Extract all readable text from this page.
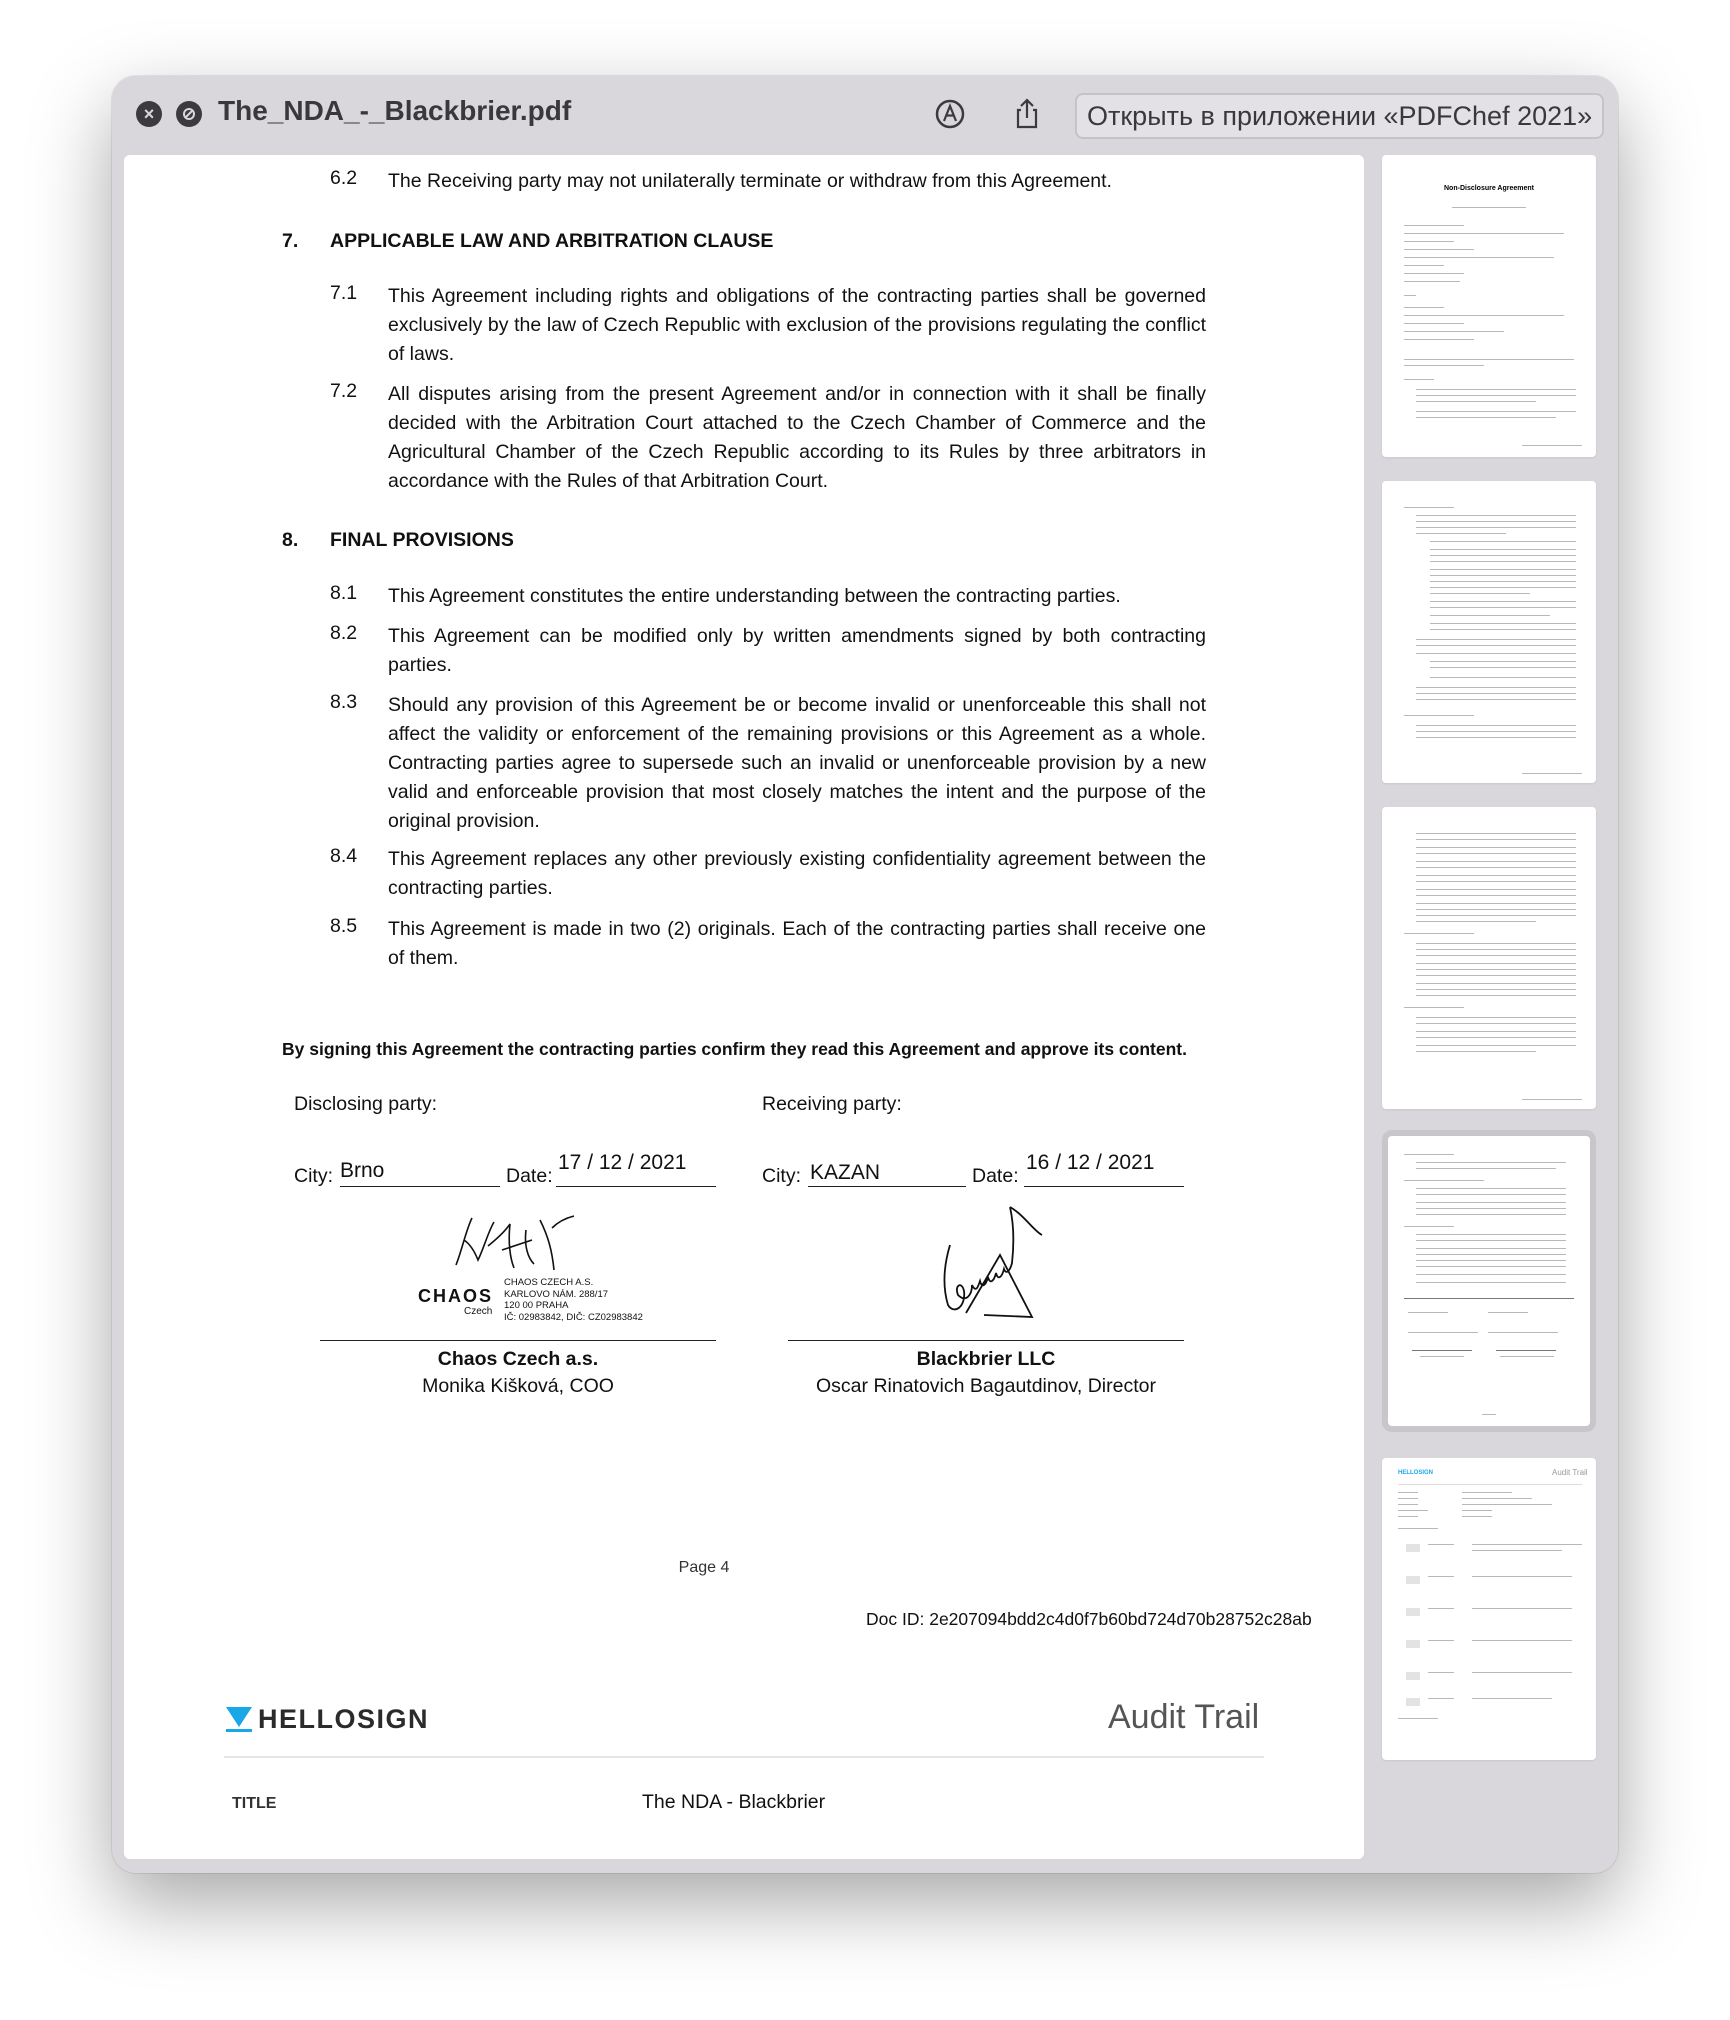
× The_NDA_-_Blackbrier.pdf	Открыть в приложении «PDFChef 2021»
6.2 The Receiving party may not unilaterally terminate or withdraw from this Agreement.
7. APPLICABLE LAW AND ARBITRATION CLAUSE
7.1 This Agreement including rights and obligations of the contracting parties shall be governed exclusively by the law of Czech Republic with exclusion of the provisions regulating the conflict of laws.
7.2 All disputes arising from the present Agreement and/or in connection with it shall be finally decided with the Arbitration Court attached to the Czech Chamber of Commerce and the Agricultural Chamber of the Czech Republic according to its Rules by three arbitrators in accordance with the Rules of that Arbitration Court.
8. FINAL PROVISIONS
8.1 This Agreement constitutes the entire understanding between the contracting parties.
8.2 This Agreement can be modified only by written amendments signed by both contracting parties.
8.3 Should any provision of this Agreement be or become invalid or unenforceable this shall not affect the validity or enforcement of the remaining provisions or this Agreement as a whole. Contracting parties agree to supersede such an invalid or unenforceable provision by a new valid and enforceable provision that most closely matches the intent and the purpose of the original provision.
8.4 This Agreement replaces any other previously existing confidentiality agreement between the contracting parties.
8.5 This Agreement is made in two (2) originals. Each of the contracting parties shall receive one of them.
By signing this Agreement the contracting parties confirm they read this Agreement and approve its content.
Disclosing party:
City: Brno	Date:
17 / 12 / 2021
CHAOS
Czech
CHAOS CZECH A.S.
KARLOVO NÁM. 288/17
120 00 PRAHA
IČ: 02983842, DIČ: CZ02983842
Chaos Czech a.s.
Monika Kišková, COO
Receiving party:
City: KAZAN	Date:
16 / 12 / 2021
Blackbrier LLC
Oscar Rinatovich Bagautdinov, Director
Page 4
Doc ID: 2e207094bdd2c4d0f7b60bd724d70b28752c28ab
HELLOSIGN	Audit Trail
TITLE	The NDA - Blackbrier
Non-Disclosure Agreement
HELLOSIGN	Audit Trail
